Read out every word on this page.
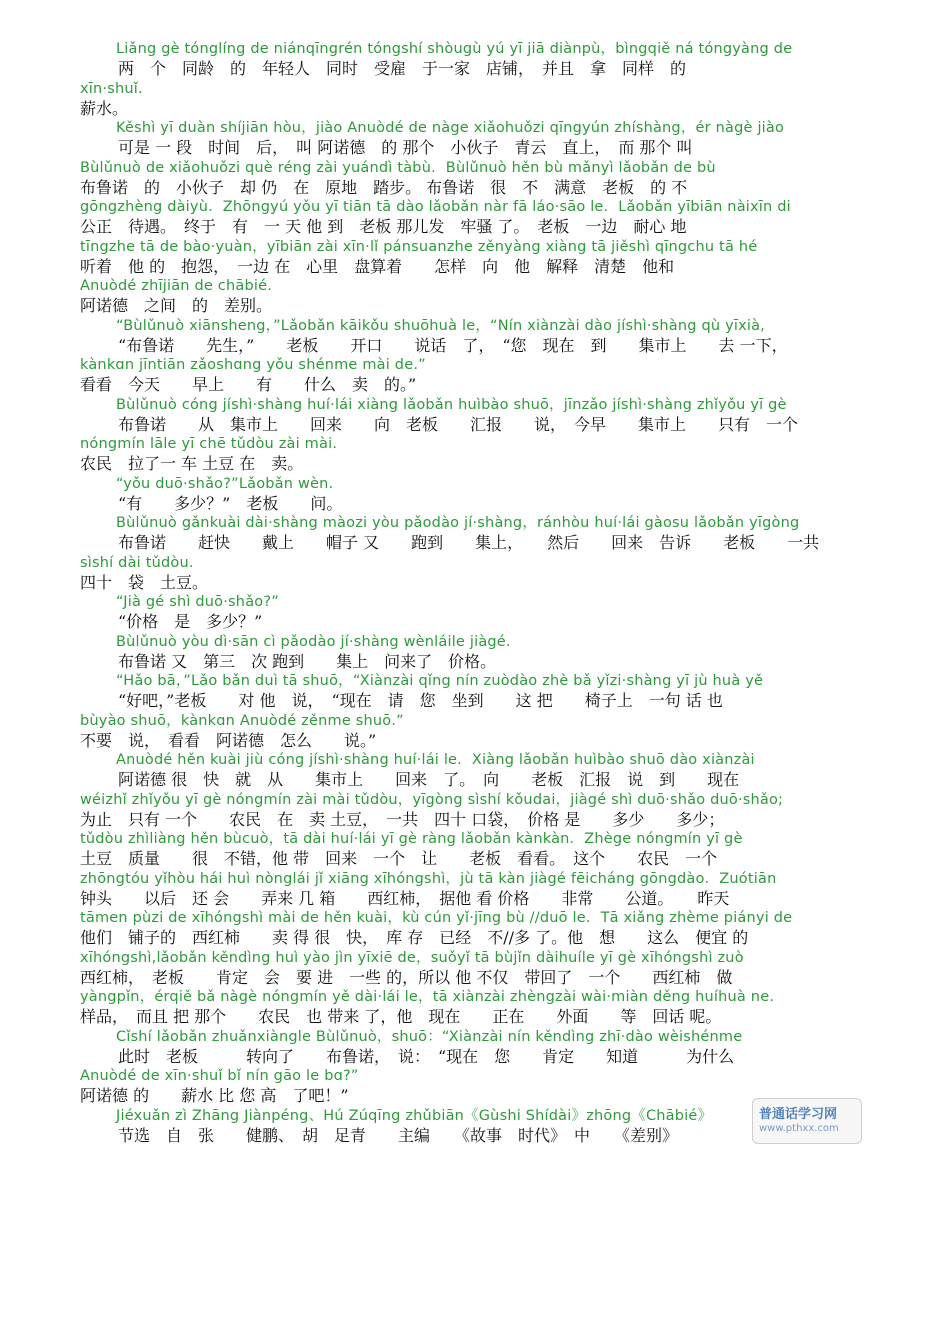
Liǎng gè tónglíng de niánqīngrén tóngshí shòugù yú yī jiā diànpù，bìngqiě ná tóngyàng de
两　个　同龄　的　年轻人　同时　受雇　于一家　店铺，　并且　拿　同样　的
xīn·shuǐ.
薪水。
Kěshì yī duàn shíjiān hòu，jiào Anuòdé de nàge xiǎohuǒzi qīngyún zhíshàng，ér nàgè jiào
可是 一 段　时间　后，　叫 阿诺德　的 那个　小伙子　青云　直上，　而 那个 叫
Bùlǔnuò de xiǎohuǒzi què réng zài yuándì tàbù．Bùlǔnuò hěn bù mǎnyì lǎobǎn de bù
布鲁诺　的　小伙子　却 仍　在　原地　踏步。 布鲁诺　很　不　满意　老板　的 不
gōngzhèng dàiyù．Zhōngyú yǒu yī tiān tā dào lǎobǎn nàr fā láo·sāo le．Lǎobǎn yībiān nàixīn di
公正　待遇。　终于　有　一 天 他 到　老板 那儿发　牢骚 了。　老板　一边　耐心 地
tīngzhe tā de bào·yuàn，yībiān zài xīn·lǐ pánsuanzhe zěnyàng xiàng tā jiěshì qīngchu tā hé
听着　他 的　抱怨，　一边 在　心里　盘算着　　怎样　向　他　解释　清楚　他和
Anuòdé zhījiān de chābié.
阿诺德　之间　的　差别。
“Bùlǔnuò xiānsheng，”Lǎobǎn kāikǒu shuōhuà le，“Nín xiànzài dào jíshì·shàng qù yīxià,
“布鲁诺　　先生，”　　老板　　开口　　说话　了，　“您　现在　到　　集市上　　去 一下，
kànkɑn jīntiān zǎoshɑng yǒu shénme mài de.”
看看　今天　　早上　　有　　什么　卖　的。”
Bùlǔnuò cóng jíshì·shàng huí·lái xiàng lǎobǎn huìbào shuō，jīnzǎo jíshì·shàng zhǐyǒu yī gè
布鲁诺　　从　集市上　　回来　　向　老板　　汇报　　说，　今早　　集市上　　只有　一个
nóngmín lāle yī chē tǔdòu zài mài.
农民　拉了一 车 土豆 在　卖。
“yǒu duō·shǎo?”Lǎobǎn wèn.
“有　　多少？”　老板　　问。
Bùlǔnuò gǎnkuài dài·shàng màozi yòu pǎodào jí·shàng，ránhòu huí·lái gàosu lǎobǎn yīgòng
布鲁诺　　赶快　　戴上　　帽子 又　　跑到　　集上，　　然后　　回来　告诉　　老板　　一共
sìshí dài tǔdòu.
四十　袋　土豆。
“Jià gé shì duō·shǎo?”
“价格　是　多少？”
Bùlǔnuò yòu dì·sān cì pǎodào jí·shàng wènláile jiàgé.
布鲁诺 又　第三　次 跑到　　集上　问来了　价格。
“Hǎo bā，”Lǎo bǎn duì tā shuō，“Xiànzài qǐng nín zuòdào zhè bǎ yǐzi·shàng yī jù huà yě
“好吧，”老板　　对 他　说，　“现在　请　您　坐到　　这 把　　椅子上　一句 话 也
bùyào shuō，kànkɑn Anuòdé zěnme shuō.”
不要　说，　看看　阿诺德　怎么　　说。”
Anuòdé hěn kuài jiù cóng jíshì·shàng huí·lái le．Xiàng lǎobǎn huìbào shuō dào xiànzài
阿诺德 很　快　就　从　　集市上　　回来　了。　向　　老板　汇报　说　到　　现在
wéizhǐ zhǐyǒu yī gè nóngmín zài mài tǔdòu，yīgòng sìshí kǒudai，jiàgé shì duō·shǎo duō·shǎo;
为止　只有 一个　　农民　在　卖 土豆，　一共　四十 口袋，　价格 是　　多少　　多少；
tǔdòu zhìliàng hěn bùcuò，tā dài huí·lái yī gè ràng lǎobǎn kànkàn．Zhège nóngmín yī gè
土豆　质量　　很　不错，他 带　回来　一个　让　　老板　看看。　这个　　农民　一个
zhōngtóu yǐhòu hái huì nònglái jǐ xiāng xīhóngshì，jù tā kàn jiàgé fēicháng gōngdào．Zuótiān
钟头　　以后　还 会　　弄来 几 箱　　西红柿，　据他 看 价格　　非常　　公道。　　昨天
tāmen pùzi de xīhóngshì mài de hěn kuài，kù cún yǐ·jīng bù //duō le．Tā xiǎng zhème piányi de
他们　铺子的　西红柿　　卖 得 很　快，　库 存　已经　不//多 了。他　想　　这么　便宜 的
xīhóngshì,lǎobǎn kěndìng huì yào jìn yīxiē de，suǒyǐ tā bùjǐn dàihuíle yī gè xīhóngshì zuò
西红柿，　老板　　肯定　会　要 进　一些 的，所以 他 不仅　带回了　一个　　西红柿　做
yàngpǐn，érqiě bǎ nàgè nóngmín yě dài·lái le，tā xiànzài zhèngzài wài·miàn děng huíhuà ne.
样品，　而且 把 那个　　农民　也 带来 了，他　现在　　正在　　外面　　等　回话 呢。
Cǐshí lǎobǎn zhuǎnxiàngle Bùlǔnuò，shuō：“Xiànzài nín kěndìng zhī·dào wèishénme
此时　老板　　　转向了　　布鲁诺，　说：　“现在　您　　肯定　　知道　　　为什么
Anuòdé de xīn·shuǐ bǐ nín gāo le bɑ?”
阿诺德 的　　薪水 比 您 高　了吧！”
Jiéxuǎn zì Zhāng Jiànpéng、Hú Zúqīng zhǔbiān《Gùshi Shídài》zhōng《Chābié》
节选　自　张　　健鹏、　胡　足青　　主编　　《故事　时代》　中　　《差别》
普通话学习网
www.pthxx.com
